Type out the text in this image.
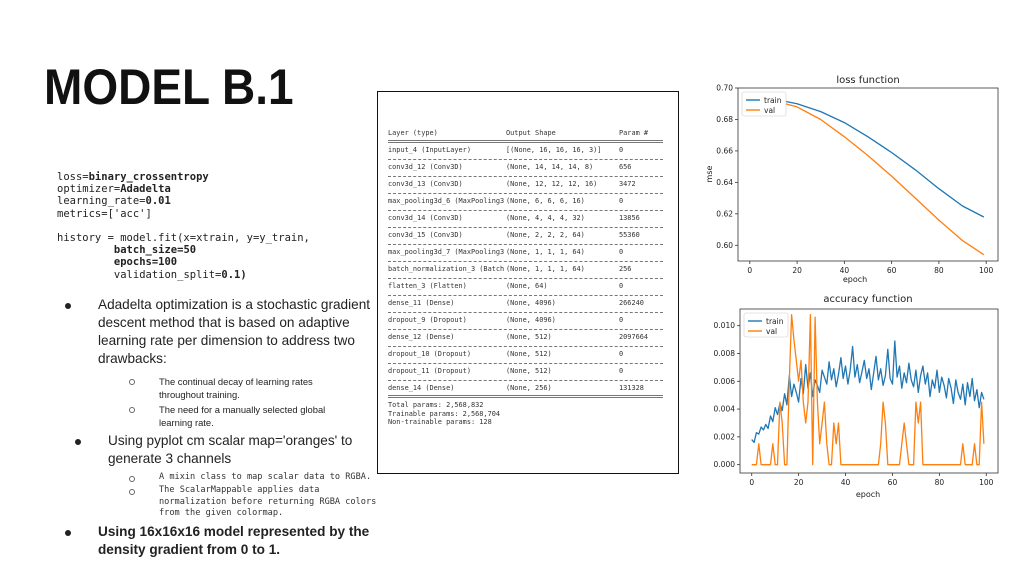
MODEL B.1
loss=binary_crossentropy
optimizer=Adadelta
learning_rate=0.01
metrics=['acc']

history = model.fit(x=xtrain, y=y_train,
batch_size=50
epochs=100
validation_split=0.1)
Adadelta optimization is a stochastic gradient descent method that is based on adaptive learning rate per dimension to address two drawbacks:
The continual decay of learning rates throughout training.
The need for a manually selected global learning rate.
Using pyplot cm scalar map='oranges' to generate 3 channels
A mixin class to map scalar data to RGBA.
The ScalarMappable applies data normalization before returning RGBA colors from the given colormap.
Using 16x16x16 model represented by the density gradient from 0 to 1.
Layer (type)	Output Shape	Param #
input_4 (InputLayer)	[(None, 16, 16, 16, 3)]	0
conv3d_12 (Conv3D)	(None, 14, 14, 14, 8)	656
conv3d_13 (Conv3D)	(None, 12, 12, 12, 16)	3472
max_pooling3d_6 (MaxPooling3 (None, 6, 6, 6, 16)	0
conv3d_14 (Conv3D)	(None, 4, 4, 4, 32)	13856
conv3d_15 (Conv3D)	(None, 2, 2, 2, 64)	55360
max_pooling3d_7 (MaxPooling3 (None, 1, 1, 1, 64)	0
batch_normalization_3 (Batch (None, 1, 1, 1, 64)	256
flatten_3 (Flatten)	(None, 64)	0
dense_11 (Dense)	(None, 4096)	266240
dropout_9 (Dropout)	(None, 4096)	0
dense_12 (Dense)	(None, 512)	2097664
dropout_10 (Dropout)	(None, 512)	0
dropout_11 (Dropout)	(None, 512)	0
dense_14 (Dense)	(None, 256)	131328
Total params: 2,568,832
Trainable params: 2,568,704
Non-trainable params: 128
loss function
epoch
mse
0	20	40	60	80	100
0.60
0.62
0.64
0.66
0.68
0.70
train
val
accuracy function
epoch
0	20	40	60	80	100
0.000
0.002
0.004
0.006
0.008
0.010	train
val
